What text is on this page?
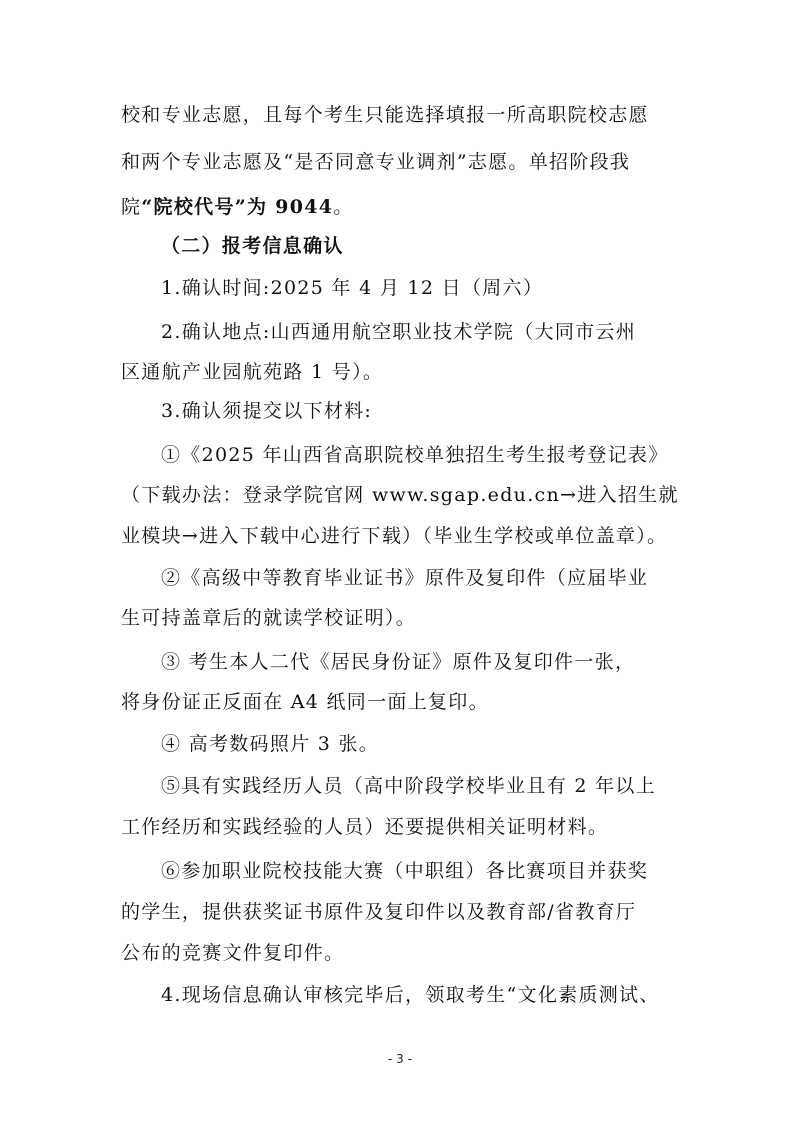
校和专业志愿，且每个考生只能选择填报一所高职院校志愿
和两个专业志愿及“是否同意专业调剂”志愿。单招阶段我
院“院校代号”为 9044。
（二）报考信息确认
1.确认时间:2025 年 4 月 12 日（周六）
2.确认地点:山西通用航空职业技术学院（大同市云州
区通航产业园航苑路 1 号）。
3.确认须提交以下材料:
①《2025 年山西省高职院校单独招生考生报考登记表》
（下载办法：登录学院官网 www.sgap.edu.cn→进入招生就
业模块→进入下载中心进行下载）（毕业生学校或单位盖章）。
②《高级中等教育毕业证书》原件及复印件（应届毕业
生可持盖章后的就读学校证明）。
③ 考生本人二代《居民身份证》原件及复印件一张，
将身份证正反面在 A4 纸同一面上复印。
④ 高考数码照片 3 张。
⑤具有实践经历人员（高中阶段学校毕业且有 2 年以上
工作经历和实践经验的人员）还要提供相关证明材料。
⑥参加职业院校技能大赛（中职组）各比赛项目并获奖
的学生，提供获奖证书原件及复印件以及教育部/省教育厅
公布的竞赛文件复印件。
4.现场信息确认审核完毕后，领取考生“文化素质测试、
- 3 -
